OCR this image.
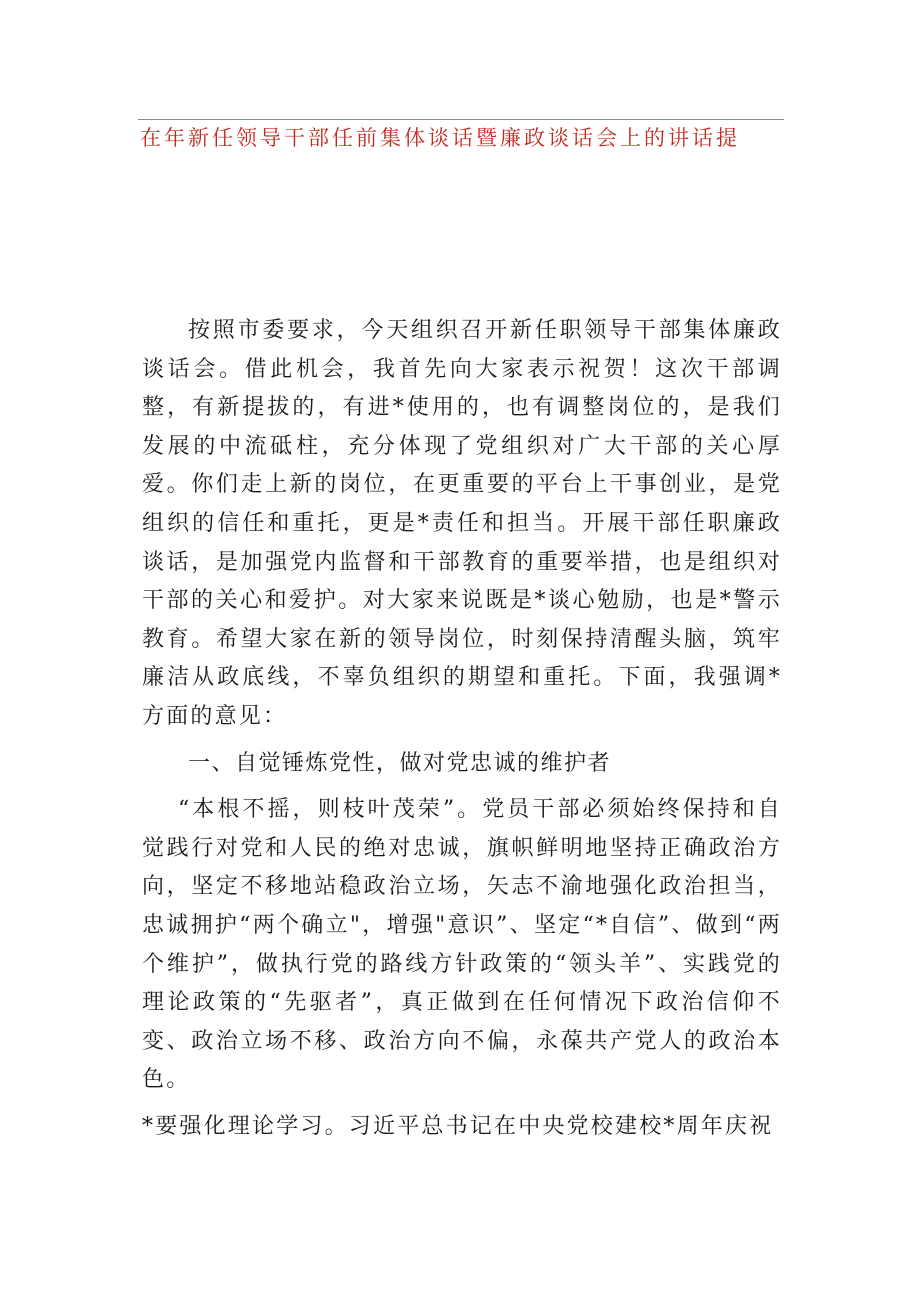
在年新任领导干部任前集体谈话暨廉政谈话会上的讲话提

按照市委要求，今天组织召开新任职领导干部集体廉政谈话会。借此机会，我首先向大家表示祝贺！这次干部调整，有新提拔的，有进*使用的，也有调整岗位的，是我们发展的中流砥柱，充分体现了党组织对广大干部的关心厚爱。你们走上新的岗位，在更重要的平台上干事创业，是党组织的信任和重托，更是*责任和担当。开展干部任职廉政谈话，是加强党内监督和干部教育的重要举措，也是组织对干部的关心和爱护。对大家来说既是*谈心勉励，也是*警示教育。希望大家在新的领导岗位，时刻保持清醒头脑，筑牢廉洁从政底线，不辜负组织的期望和重托。下面，我强调*方面的意见：

一、自觉锤炼党性，做对党忠诚的维护者

“本根不摇，则枝叶茂荣”。党员干部必须始终保持和自觉践行对党和人民的绝对忠诚，旗帜鲜明地坚持正确政治方向，坚定不移地站稳政治立场，矢志不渝地强化政治担当，忠诚拥护“两个确立"，增强"意识”、坚定“*自信”、做到“两个维护”，做执行党的路线方针政策的“领头羊”、实践党的理论政策的“先驱者”，真正做到在任何情况下政治信仰不变、政治立场不移、政治方向不偏，永葆共产党人的政治本色。

*要强化理论学习。习近平总书记在中央党校建校*周年庆祝
